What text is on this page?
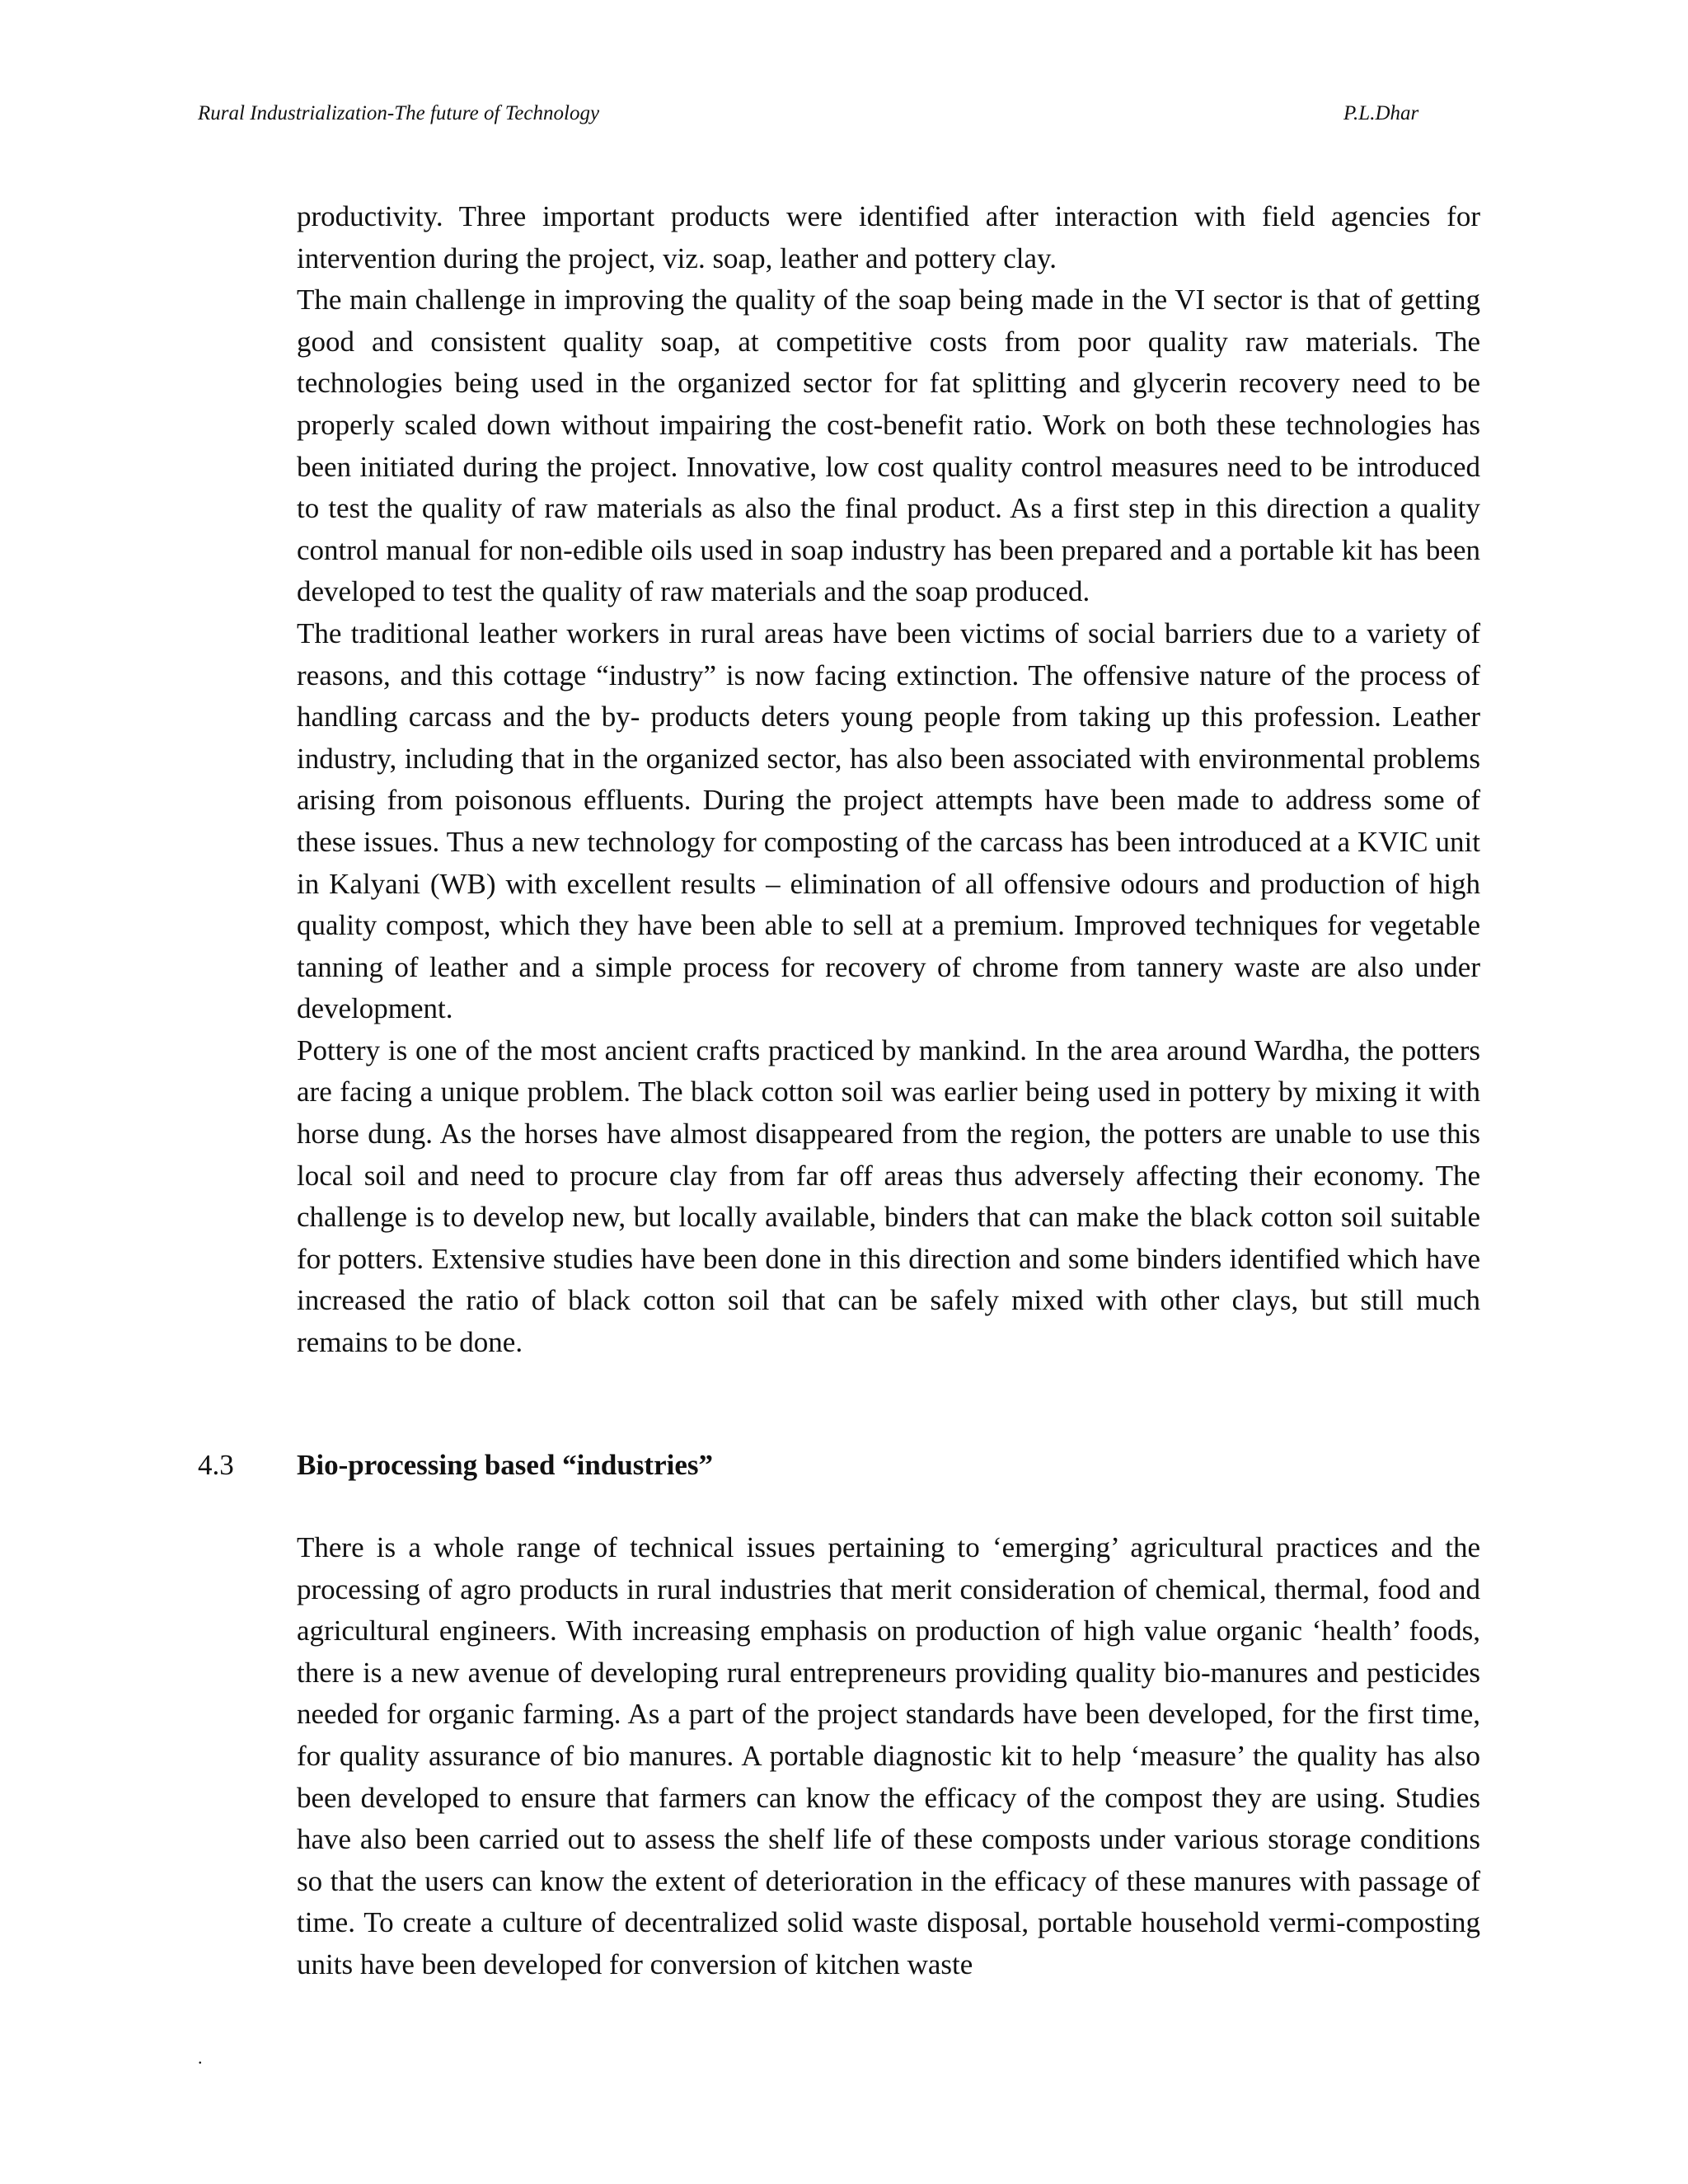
Rural Industrialization-The future of Technology	P.L.Dhar

productivity. Three important products were identified after interaction with field agencies for intervention during the project, viz. soap, leather and pottery clay.

The main challenge in improving the quality of the soap being made in the VI sector is that of getting good and consistent quality soap, at competitive costs from poor quality raw materials. The technologies being used in the organized sector for fat splitting and glycerin recovery need to be properly scaled down without impairing the cost-benefit ratio. Work on both these technologies has been initiated during the project. Innovative, low cost quality control measures need to be introduced to test the quality of raw materials as also the final product. As a first step in this direction a quality control manual for non-edible oils used in soap industry has been prepared and a portable kit has been developed to test the quality of raw materials and the soap produced.

The traditional leather workers in rural areas have been victims of social barriers due to a variety of reasons, and this cottage “industry” is now facing extinction. The offensive nature of the process of handling carcass and the by- products deters young people from taking up this profession. Leather industry, including that in the organized sector, has also been associated with environmental problems arising from poisonous effluents. During the project attempts have been made to address some of these issues. Thus a new technology for composting of the carcass has been introduced at a KVIC unit in Kalyani (WB) with excellent results – elimination of all offensive odours and production of high quality compost, which they have been able to sell at a premium. Improved techniques for vegetable tanning of leather and a simple process for recovery of chrome from tannery waste are also under development.

Pottery is one of the most ancient crafts practiced by mankind. In the area around Wardha, the potters are facing a unique problem. The black cotton soil was earlier being used in pottery by mixing it with horse dung. As the horses have almost disappeared from the region, the potters are unable to use this local soil and need to procure clay from far off areas thus adversely affecting their economy. The challenge is to develop new, but locally available, binders that can make the black cotton soil suitable for potters. Extensive studies have been done in this direction and some binders identified which have increased the ratio of black cotton soil that can be safely mixed with other clays, but still much remains to be done.

4.3 Bio-processing based “industries”

There is a whole range of technical issues pertaining to ‘emerging’ agricultural practices and the processing of agro products in rural industries that merit consideration of chemical, thermal, food and agricultural engineers. With increasing emphasis on production of high value organic ‘health’ foods, there is a new avenue of developing rural entrepreneurs providing quality bio-manures and pesticides needed for organic farming. As a part of the project standards have been developed, for the first time, for quality assurance of bio manures. A portable diagnostic kit to help ‘measure’ the quality has also been developed to ensure that farmers can know the efficacy of the compost they are using. Studies have also been carried out to assess the shelf life of these composts under various storage conditions so that the users can know the extent of deterioration in the efficacy of these manures with passage of time. To create a culture of decentralized solid waste disposal, portable household vermi-composting units have been developed for conversion of kitchen waste

.
